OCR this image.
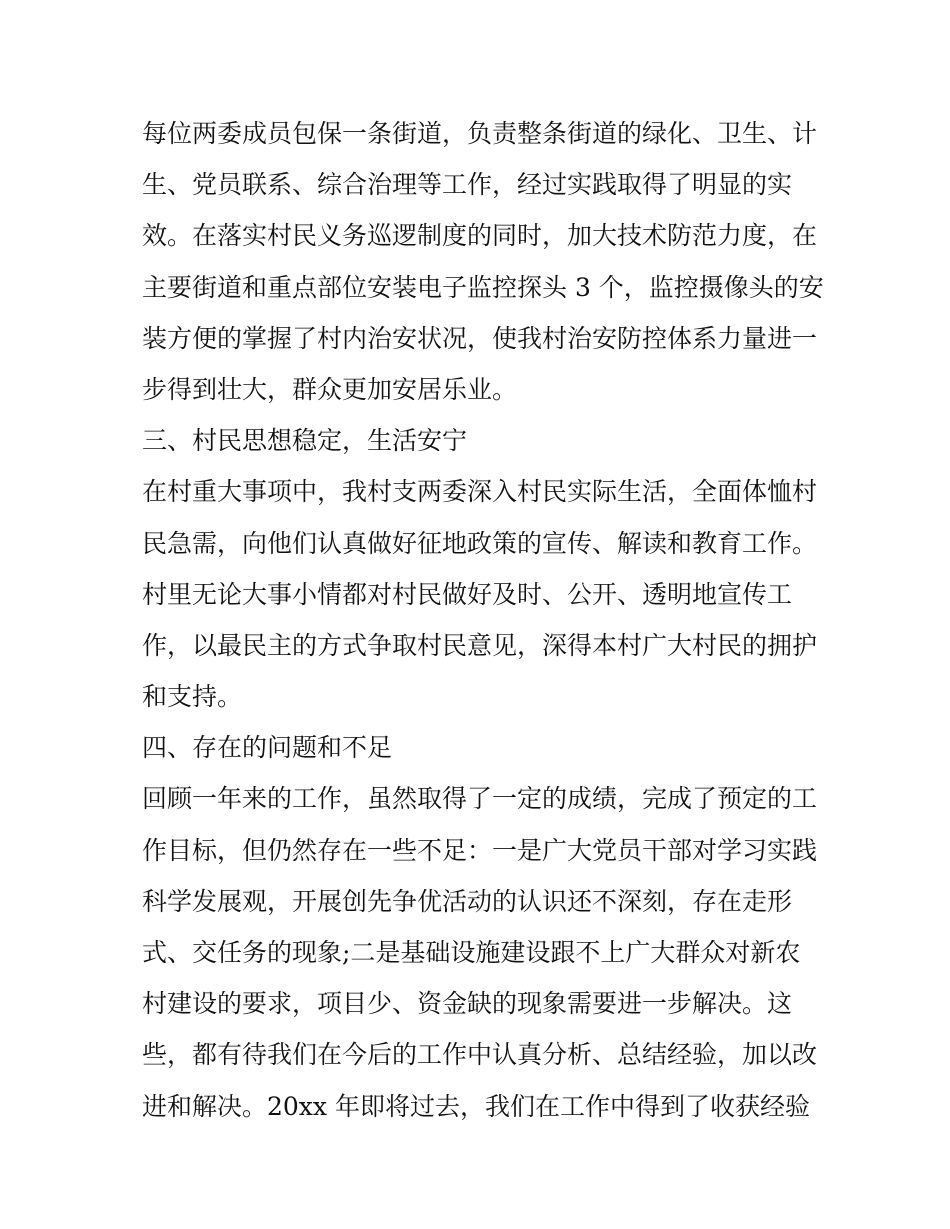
每位两委成员包保一条街道，负责整条街道的绿化、卫生、计
生、党员联系、综合治理等工作，经过实践取得了明显的实
效。在落实村民义务巡逻制度的同时，加大技术防范力度，在
主要街道和重点部位安装电子监控探头 3 个，监控摄像头的安
装方便的掌握了村内治安状况，使我村治安防控体系力量进一
步得到壮大，群众更加安居乐业。
三、村民思想稳定，生活安宁
在村重大事项中，我村支两委深入村民实际生活，全面体恤村
民急需，向他们认真做好征地政策的宣传、解读和教育工作。
村里无论大事小情都对村民做好及时、公开、透明地宣传工
作，以最民主的方式争取村民意见，深得本村广大村民的拥护
和支持。
四、存在的问题和不足
回顾一年来的工作，虽然取得了一定的成绩，完成了预定的工
作目标，但仍然存在一些不足：一是广大党员干部对学习实践
科学发展观，开展创先争优活动的认识还不深刻，存在走形
式、交任务的现象;二是基础设施建设跟不上广大群众对新农
村建设的要求，项目少、资金缺的现象需要进一步解决。这
些，都有待我们在今后的工作中认真分析、总结经验，加以改
进和解决。20xx 年即将过去，我们在工作中得到了收获经验
